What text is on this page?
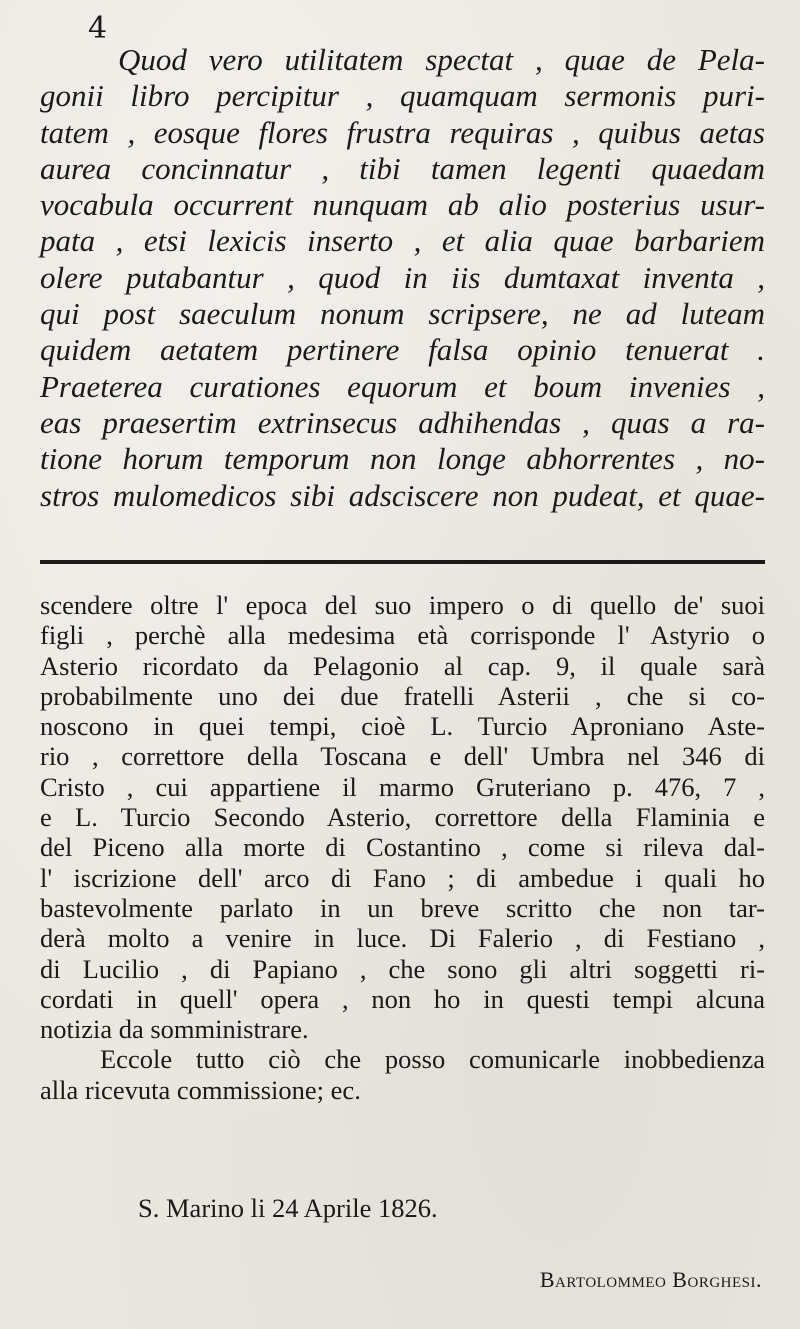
4
Quod vero utilitatem spectat , quae de Pela-
gonii libro percipitur , quamquam sermonis puri-
tatem , eosque flores frustra requiras , quibus aetas
aurea concinnatur , tibi tamen legenti quaedam
vocabula occurrent nunquam ab alio posterius usur-
pata , etsi lexicis inserto , et alia quae barbariem
olere putabantur , quod in iis dumtaxat inventa ,
qui post saeculum nonum scripsere, ne ad luteam
quidem aetatem pertinere falsa opinio tenuerat .
Praeterea curationes equorum et boum invenies ,
eas praesertim extrinsecus adhihendas , quas a ra-
tione horum temporum non longe abhorrentes , no-
stros mulomedicos sibi adsciscere non pudeat, et quae-
scendere oltre l' epoca del suo impero o di quello de' suoi
figli , perchè alla medesima età corrisponde l' Astyrio o
Asterio ricordato da Pelagonio al cap. 9, il quale sarà
probabilmente uno dei due fratelli Asterii , che si co-
noscono in quei tempi, cioè L. Turcio Aproniano Aste-
rio , correttore della Toscana e dell' Umbra nel 346 di
Cristo , cui appartiene il marmo Gruteriano p. 476, 7 ,
e L. Turcio Secondo Asterio, correttore della Flaminia e
del Piceno alla morte di Costantino , come si rileva dal-
l' iscrizione dell' arco di Fano ; di ambedue i quali ho
bastevolmente parlato in un breve scritto che non tar-
derà molto a venire in luce. Di Falerio , di Festiano ,
di Lucilio , di Papiano , che sono gli altri soggetti ri-
cordati in quell' opera , non ho in questi tempi alcuna
notizia da somministrare.
Eccole tutto ciò che posso comunicarle inobbedienza
alla ricevuta commissione; ec.
S. Marino li 24 Aprile 1826.
Bartolommeo Borghesi.
